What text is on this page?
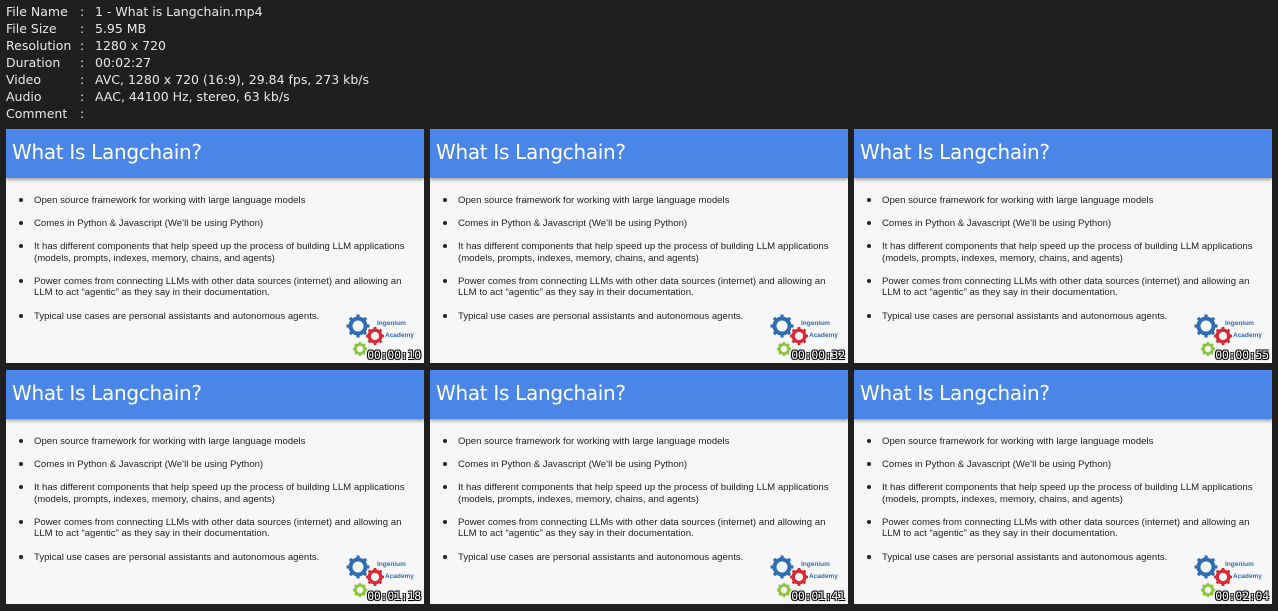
File Name : 1 - What is Langchain.mp4
File Size	: 5.95 MB
Resolution : 1280 x 720
Duration	: 00:02:27
Video	: AVC, 1280 x 720 (16:9), 29.84 fps, 273 kb/s
Audio	: AAC, 44100 Hz, stereo, 63 kb/s
Comment	:
What Is Langchain?
Open source framework for working with large language models
Comes in Python & Javascript (We’ll be using Python)
It has different components that help speed up the process of building LLM applications (models, prompts, indexes, memory, chains, and agents)
Power comes from connecting LLMs with other data sources (internet) and allowing an LLM to act “agentic” as they say in their documentation.
Typical use cases are personal assistants and autonomous agents.
Ingenium
Academy
00:00:10
What Is Langchain?
Open source framework for working with large language models
Comes in Python & Javascript (We’ll be using Python)
It has different components that help speed up the process of building LLM applications (models, prompts, indexes, memory, chains, and agents)
Power comes from connecting LLMs with other data sources (internet) and allowing an LLM to act “agentic” as they say in their documentation.
Typical use cases are personal assistants and autonomous agents.
Ingenium
Academy
00:00:32
What Is Langchain?
Open source framework for working with large language models
Comes in Python & Javascript (We’ll be using Python)
It has different components that help speed up the process of building LLM applications (models, prompts, indexes, memory, chains, and agents)
Power comes from connecting LLMs with other data sources (internet) and allowing an LLM to act “agentic” as they say in their documentation.
Typical use cases are personal assistants and autonomous agents.
Ingenium
Academy
00:00:55
What Is Langchain?
Open source framework for working with large language models
Comes in Python & Javascript (We’ll be using Python)
It has different components that help speed up the process of building LLM applications (models, prompts, indexes, memory, chains, and agents)
Power comes from connecting LLMs with other data sources (internet) and allowing an LLM to act “agentic” as they say in their documentation.
Typical use cases are personal assistants and autonomous agents.
Ingenium
Academy
00:01:18
What Is Langchain?
Open source framework for working with large language models
Comes in Python & Javascript (We’ll be using Python)
It has different components that help speed up the process of building LLM applications (models, prompts, indexes, memory, chains, and agents)
Power comes from connecting LLMs with other data sources (internet) and allowing an LLM to act “agentic” as they say in their documentation.
Typical use cases are personal assistants and autonomous agents.
Ingenium
Academy
00:01:41
What Is Langchain?
Open source framework for working with large language models
Comes in Python & Javascript (We’ll be using Python)
It has different components that help speed up the process of building LLM applications (models, prompts, indexes, memory, chains, and agents)
Power comes from connecting LLMs with other data sources (internet) and allowing an LLM to act “agentic” as they say in their documentation.
Typical use cases are personal assistants and autonomous agents.
Ingenium
Academy
00:02:04
